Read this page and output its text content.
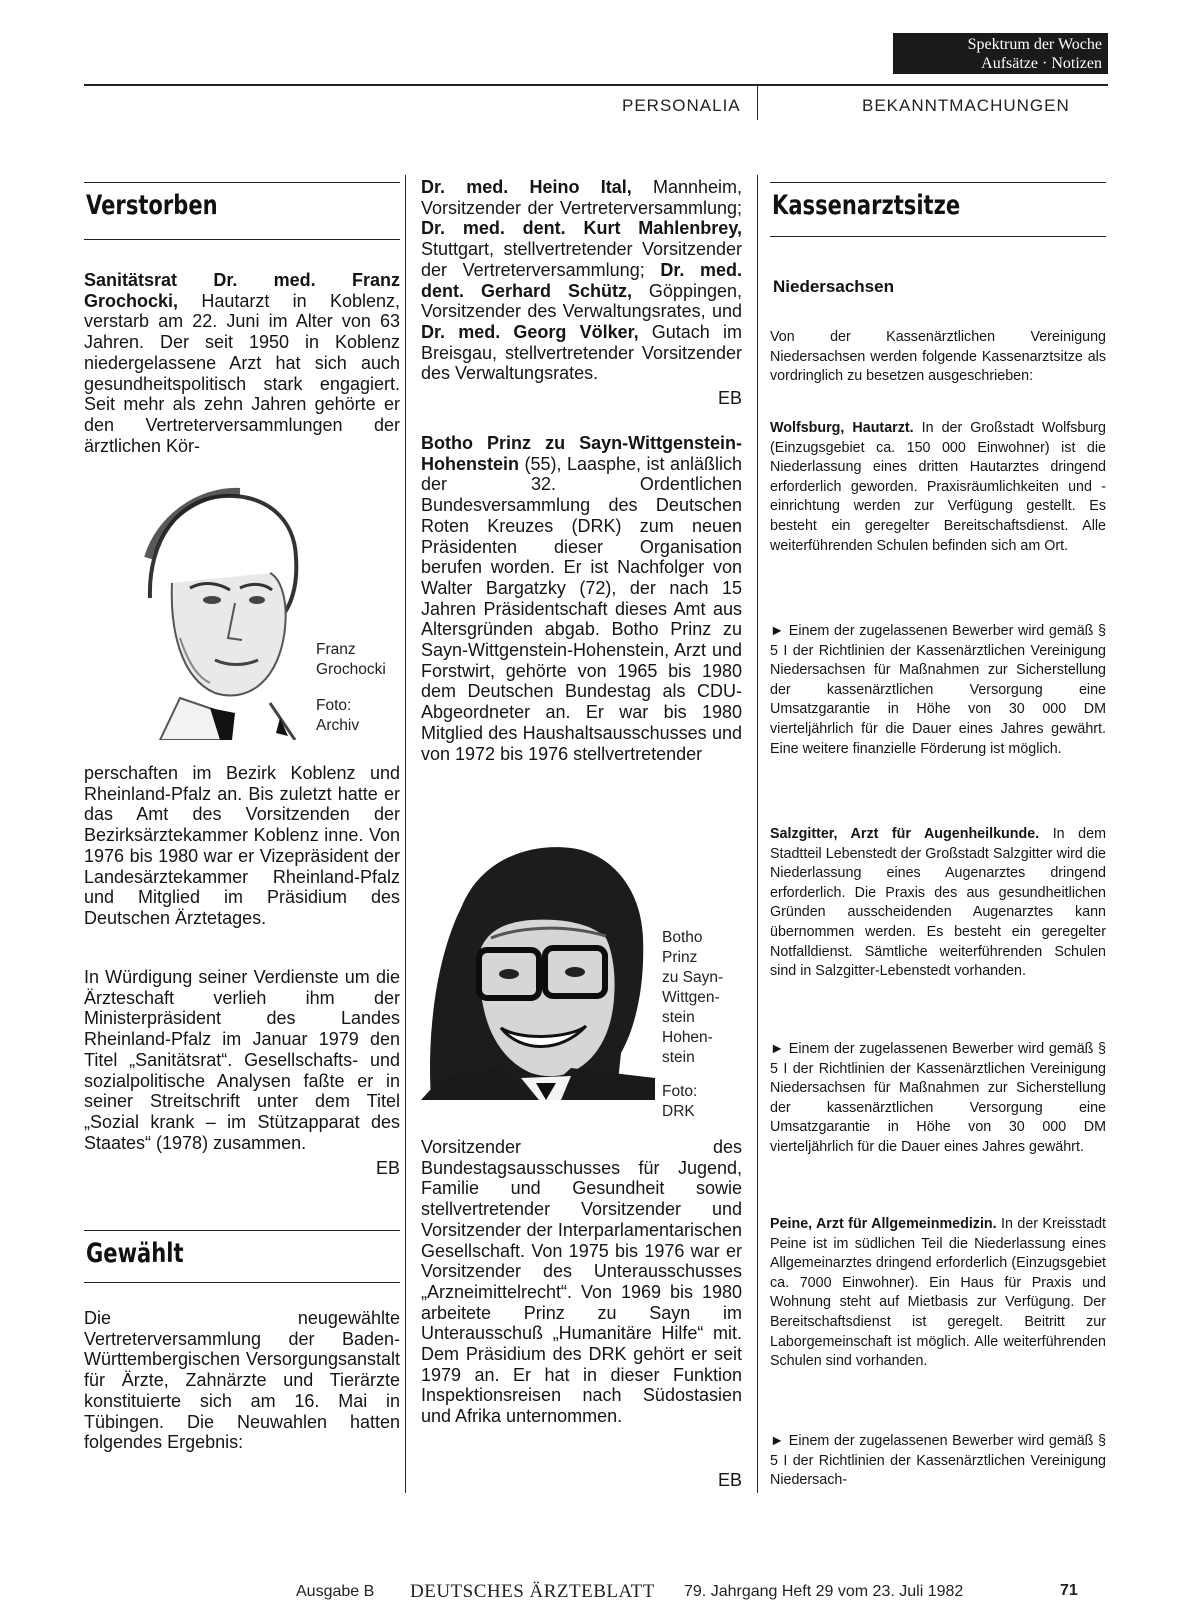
Spektrum der Woche
Aufsätze · Notizen
PERSONALIA	BEKANNTMACHUNGEN
Verstorben
Sanitätsrat Dr. med. Franz Grochocki, Hautarzt in Koblenz, verstarb am 22. Juni im Alter von 63 Jahren. Der seit 1950 in Koblenz niedergelassene Arzt hat sich auch gesundheitspolitisch stark engagiert. Seit mehr als zehn Jahren gehörte er den Vertreterversammlungen der ärztlichen Kör-
Franz
Grochocki
Foto:
Archiv
perschaften im Bezirk Koblenz und Rheinland-Pfalz an. Bis zuletzt hatte er das Amt des Vorsitzenden der Bezirksärztekammer Koblenz inne. Von 1976 bis 1980 war er Vizepräsident der Landesärztekammer Rheinland-Pfalz und Mitglied im Präsidium des Deutschen Ärztetages.
In Würdigung seiner Verdienste um die Ärzteschaft verlieh ihm der Ministerpräsident des Landes Rheinland-Pfalz im Januar 1979 den Titel „Sanitätsrat“. Gesellschafts- und sozialpolitische Analysen faßte er in seiner Streitschrift unter dem Titel „Sozial krank – im Stützapparat des Staates“ (1978) zusammen.
EB
Gewählt
Die neugewählte Vertreterversammlung der Baden-Württembergischen Versorgungsanstalt für Ärzte, Zahnärzte und Tierärzte konstituierte sich am 16. Mai in Tübingen. Die Neuwahlen hatten folgendes Ergebnis:
Dr. med. Heino Ital, Mannheim, Vorsitzender der Vertreterversammlung; Dr. med. dent. Kurt Mahlenbrey, Stuttgart, stellvertretender Vorsitzender der Vertreterversammlung; Dr. med. dent. Gerhard Schütz, Göppingen, Vorsitzender des Verwaltungsrates, und Dr. med. Georg Völker, Gutach im Breisgau, stellvertretender Vorsitzender des Verwaltungsrates.
EB
Botho Prinz zu Sayn-Wittgenstein-Hohenstein (55), Laasphe, ist anläßlich der 32. Ordentlichen Bundesversammlung des Deutschen Roten Kreuzes (DRK) zum neuen Präsidenten dieser Organisation berufen worden. Er ist Nachfolger von Walter Bargatzky (72), der nach 15 Jahren Präsidentschaft dieses Amt aus Altersgründen abgab. Botho Prinz zu Sayn-Wittgenstein-Hohenstein, Arzt und Forstwirt, gehörte von 1965 bis 1980 dem Deutschen Bundestag als CDU-Abgeordneter an. Er war bis 1980 Mitglied des Haushaltsausschusses und von 1972 bis 1976 stellvertretender
Botho
Prinz
zu Sayn-
Wittgen-
stein
Hohen-
stein
Foto:
DRK
Vorsitzender des Bundestagsausschusses für Jugend, Familie und Gesundheit sowie stellvertretender Vorsitzender und Vorsitzender der Interparlamentarischen Gesellschaft. Von 1975 bis 1976 war er Vorsitzender des Unterausschusses „Arzneimittelrecht“. Von 1969 bis 1980 arbeitete Prinz zu Sayn im Unterausschuß „Humanitäre Hilfe“ mit. Dem Präsidium des DRK gehört er seit 1979 an. Er hat in dieser Funktion Inspektionsreisen nach Südostasien und Afrika unternommen.
EB
Kassenarztsitze
Niedersachsen
Von der Kassenärztlichen Vereinigung Niedersachsen werden folgende Kassenarztsitze als vordringlich zu besetzen ausgeschrieben:
Wolfsburg, Hautarzt. In der Großstadt Wolfsburg (Einzugsgebiet ca. 150 000 Einwohner) ist die Niederlassung eines dritten Hautarztes dringend erforderlich geworden. Praxisräumlichkeiten und -einrichtung werden zur Verfügung gestellt. Es besteht ein geregelter Bereitschaftsdienst. Alle weiterführenden Schulen befinden sich am Ort.
► Einem der zugelassenen Bewerber wird gemäß § 5 I der Richtlinien der Kassenärztlichen Vereinigung Niedersachsen für Maßnahmen zur Sicherstellung der kassenärztlichen Versorgung eine Umsatzgarantie in Höhe von 30 000 DM vierteljährlich für die Dauer eines Jahres gewährt. Eine weitere finanzielle Förderung ist möglich.
Salzgitter, Arzt für Augenheilkunde. In dem Stadtteil Lebenstedt der Großstadt Salzgitter wird die Niederlassung eines Augenarztes dringend erforderlich. Die Praxis des aus gesundheitlichen Gründen ausscheidenden Augenarztes kann übernommen werden. Es besteht ein geregelter Notfalldienst. Sämtliche weiterführenden Schulen sind in Salzgitter-Lebenstedt vorhanden.
► Einem der zugelassenen Bewerber wird gemäß § 5 I der Richtlinien der Kassenärztlichen Vereinigung Niedersachsen für Maßnahmen zur Sicherstellung der kassenärztlichen Versorgung eine Umsatzgarantie in Höhe von 30 000 DM vierteljährlich für die Dauer eines Jahres gewährt.
Peine, Arzt für Allgemeinmedizin. In der Kreisstadt Peine ist im südlichen Teil die Niederlassung eines Allgemeinarztes dringend erforderlich (Einzugsgebiet ca. 7000 Einwohner). Ein Haus für Praxis und Wohnung steht auf Mietbasis zur Verfügung. Der Bereitschaftsdienst ist geregelt. Beitritt zur Laborgemeinschaft ist möglich. Alle weiterführenden Schulen sind vorhanden.
► Einem der zugelassenen Bewerber wird gemäß § 5 I der Richtlinien der Kassenärztlichen Vereinigung Niedersach-
Ausgabe B DEUTSCHES ÄRZTEBLATT 79. Jahrgang Heft 29 vom 23. Juli 1982	71
